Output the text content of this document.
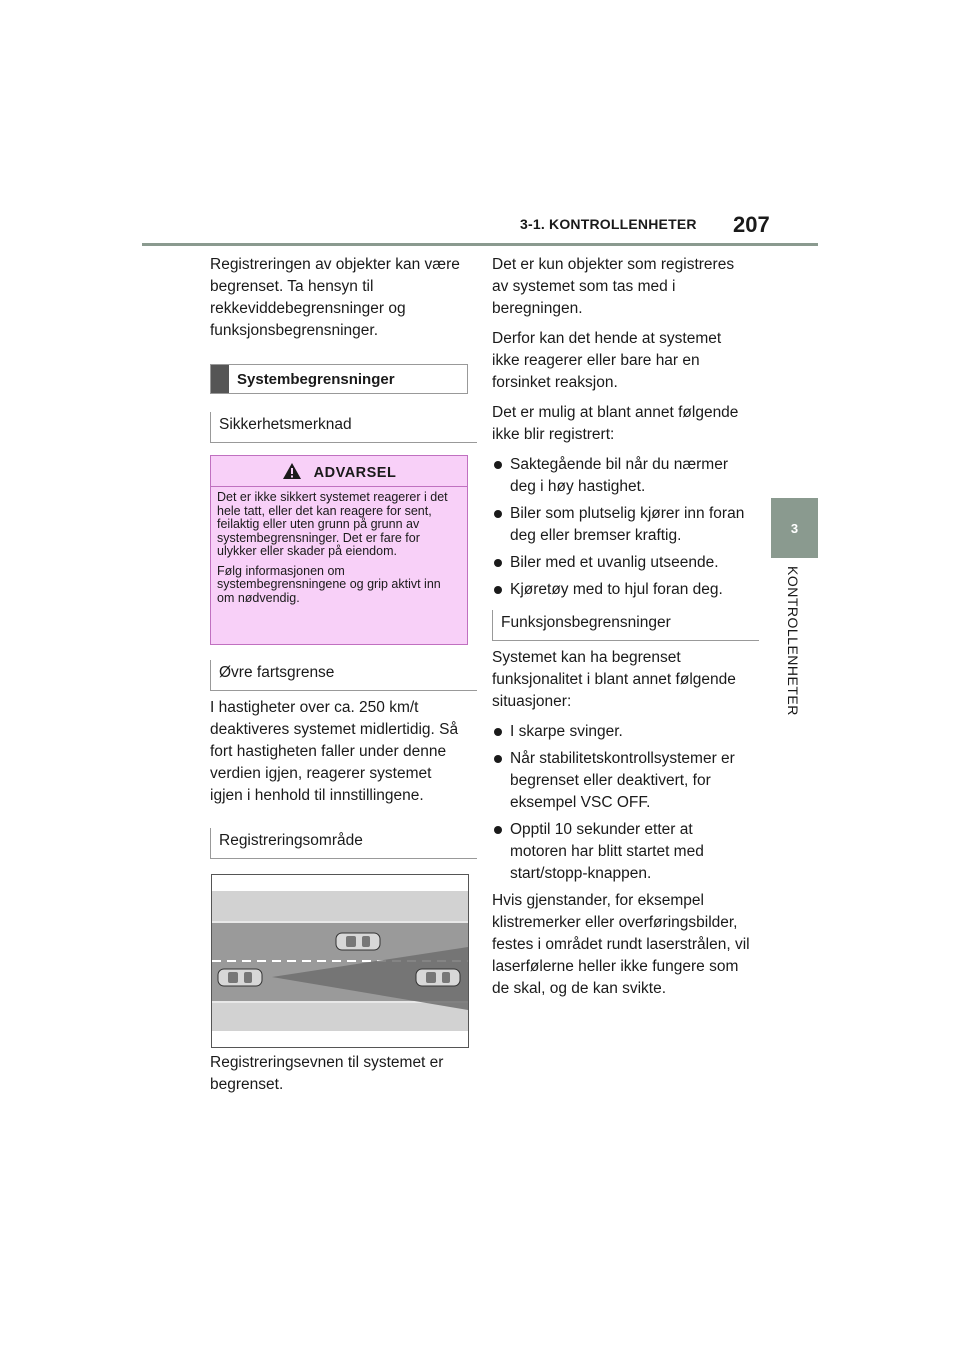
3-1. KONTROLLENHETER 207
3
KONTROLLENHETER

Registreringen av objekter kan være begrenset. Ta hensyn til rekkeviddebegrensninger og funksjonsbegrensninger.

Systembegrensninger
Sikkerhetsmerknad
ADVARSEL

Det er ikke sikkert systemet reagerer i det hele tatt, eller det kan reagere for sent, feilaktig eller uten grunn på grunn av systembegrensninger. Det er fare for ulykker eller skader på eiendom.

Følg informasjonen om systembegrensningene og grip aktivt inn om nødvendig.

Øvre fartsgrense

I hastigheter over ca. 250 km/t deaktiveres systemet midlertidig. Så fort hastigheten faller under denne verdien igjen, reagerer systemet igjen i henhold til innstillingene.

Registreringsområde

Registreringsevnen til systemet er begrenset.

Det er kun objekter som registreres av systemet som tas med i beregningen.

Derfor kan det hende at systemet ikke reagerer eller bare har en forsinket reaksjon.

Det er mulig at blant annet følgende ikke blir registrert:

Saktegående bil når du nærmer deg i høy hastighet.
Biler som plutselig kjører inn foran deg eller bremser kraftig.
Biler med et uvanlig utseende.
Kjøretøy med to hjul foran deg.
Funksjonsbegrensninger

Systemet kan ha begrenset funksjonalitet i blant annet følgende situasjoner:

I skarpe svinger.
Når stabilitetskontrollsystemer er begrenset eller deaktivert, for eksempel VSC OFF.
Opptil 10 sekunder etter at motoren har blitt startet med start/stopp-knappen.

Hvis gjenstander, for eksempel klistremerker eller overføringsbilder, festes i området rundt laserstrålen, vil laserfølerne heller ikke fungere som de skal, og de kan svikte.
